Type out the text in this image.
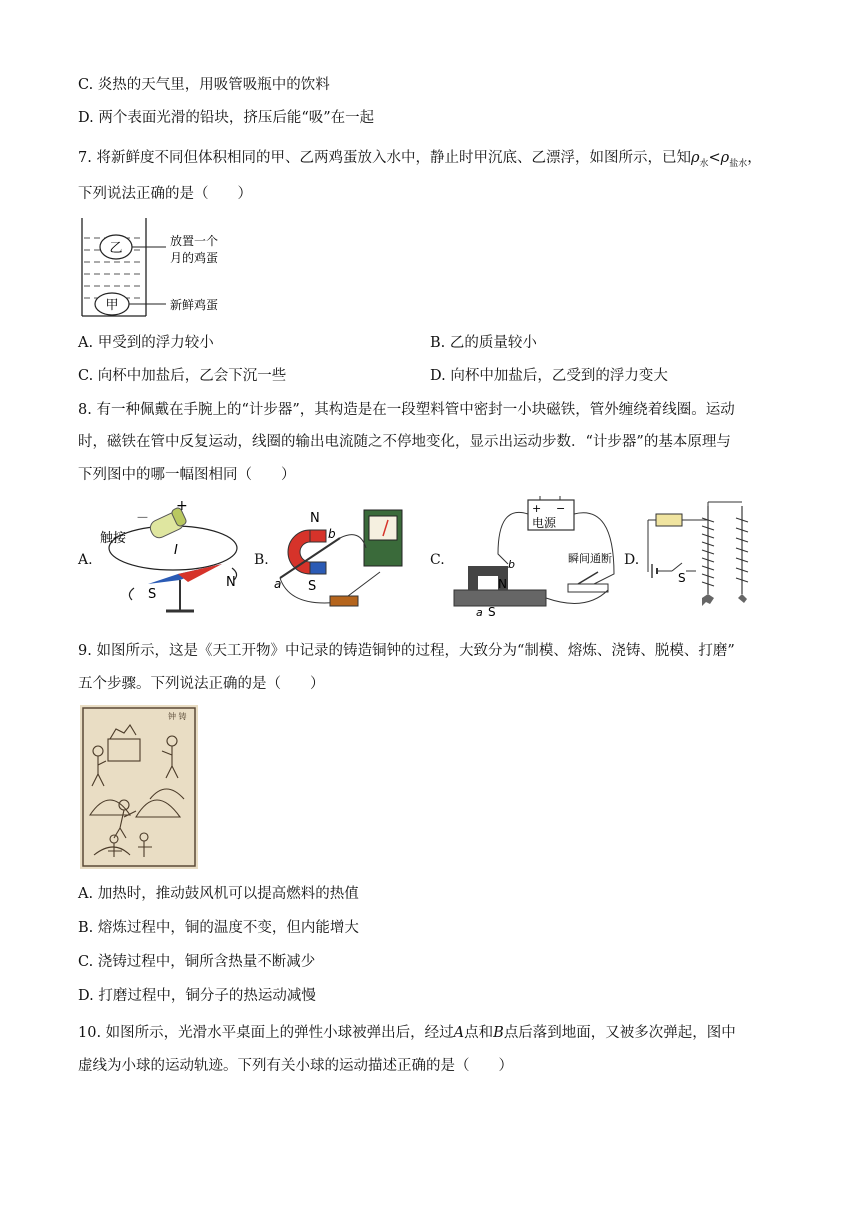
C. 炎热的天气里，用吸管吸瓶中的饮料
D. 两个表面光滑的铅块，挤压后能“吸”在一起
7. 将新鲜度不同但体积相同的甲、乙两鸡蛋放入水中，静止时甲沉底、乙漂浮，如图所示，已知$\rho_水<\rho_{盐水}$，
下列说法正确的是（　　）
乙
甲
放置一个
月的鸡蛋
新鲜鸡蛋
A. 甲受到的浮力较小	B. 乙的质量较小
C. 向杯中加盐后，乙会下沉一些	D. 向杯中加盐后，乙受到的浮力变大
8. 有一种佩戴在手腕上的“计步器”，其构造是在一段塑料管中密封一小块磁铁，管外缠绕着线圈。运动
时，磁铁在管中反复运动，线圈的输出电流随之不停地变化，显示出运动步数．“计步器”的基本原理与
下列图中的哪一幅图相同（　　）
A.
+
－
触接
I
S
N
B.
N
S
a
b
C.
+ −
电源
N
b
a S
瞬间通断 D.
S
9. 如图所示，这是《天工开物》中记录的铸造铜钟的过程，大致分为“制模、熔炼、浇铸、脱模、打磨”
五个步骤。下列说法正确的是（　　）
钟 铸
A. 加热时，推动鼓风机可以提高燃料的热值
B. 熔炼过程中，铜的温度不变，但内能增大
C. 浇铸过程中，铜所含热量不断减少
D. 打磨过程中，铜分子的热运动减慢
10. 如图所示，光滑水平桌面上的弹性小球被弹出后，经过A点和B点后落到地面，又被多次弹起，图中
虚线为小球的运动轨迹。下列有关小球的运动描述正确的是（　　）
